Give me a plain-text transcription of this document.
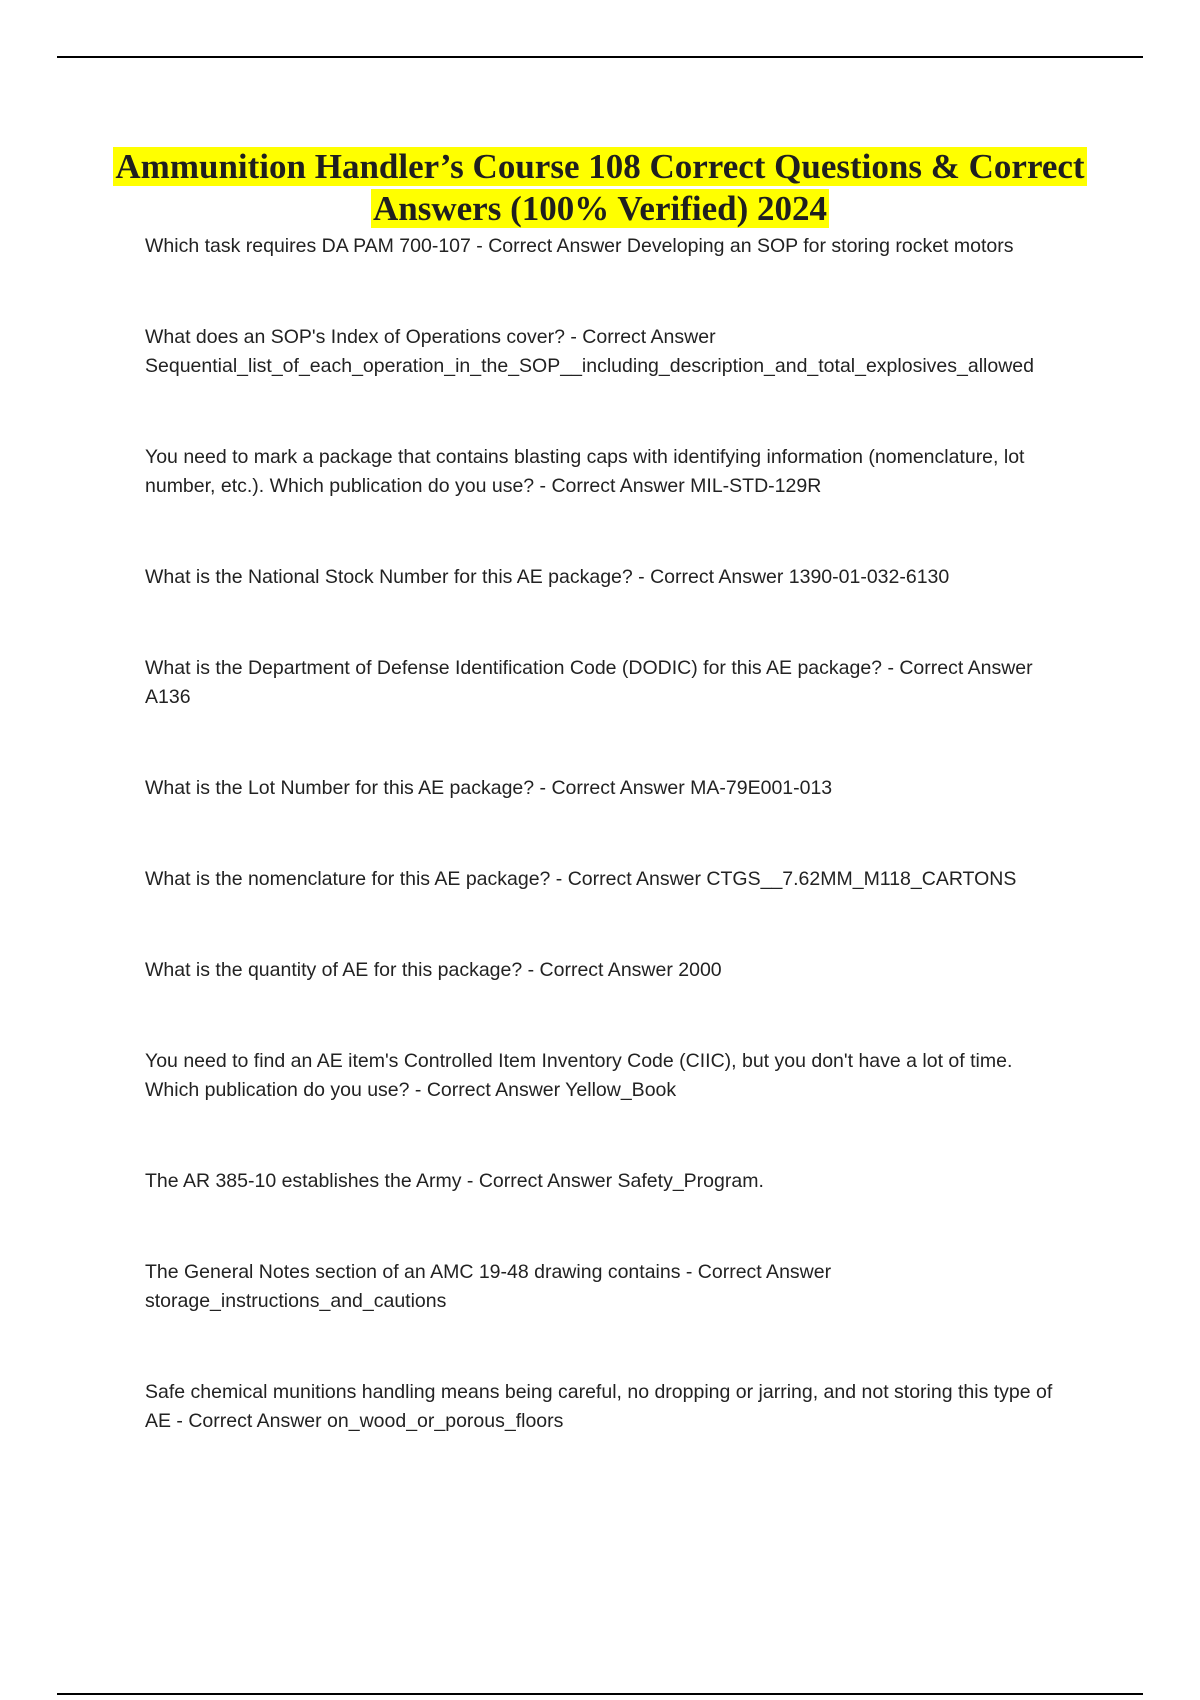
Ammunition Handler’s Course 108 Correct Questions & Correct Answers (100% Verified) 2024
Which task requires DA PAM 700-107 - Correct Answer Developing an SOP for storing rocket motors
What does an SOP's Index of Operations cover? - Correct Answer Sequential_list_of_each_operation_in_the_SOP__including_description_and_total_explosives_allowed
You need to mark a package that contains blasting caps with identifying information (nomenclature, lot number, etc.). Which publication do you use? - Correct Answer MIL-STD-129R
What is the National Stock Number for this AE package? - Correct Answer 1390-01-032-6130
What is the Department of Defense Identification Code (DODIC) for this AE package? - Correct Answer A136
What is the Lot Number for this AE package? - Correct Answer MA-79E001-013
What is the nomenclature for this AE package? - Correct Answer CTGS__7.62MM_M118_CARTONS
What is the quantity of AE for this package? - Correct Answer 2000
You need to find an AE item's Controlled Item Inventory Code (CIIC), but you don't have a lot of time. Which publication do you use? - Correct Answer Yellow_Book
The AR 385-10 establishes the Army - Correct Answer Safety_Program.
The General Notes section of an AMC 19-48 drawing contains - Correct Answer storage_instructions_and_cautions
Safe chemical munitions handling means being careful, no dropping or jarring, and not storing this type of AE - Correct Answer on_wood_or_porous_floors
